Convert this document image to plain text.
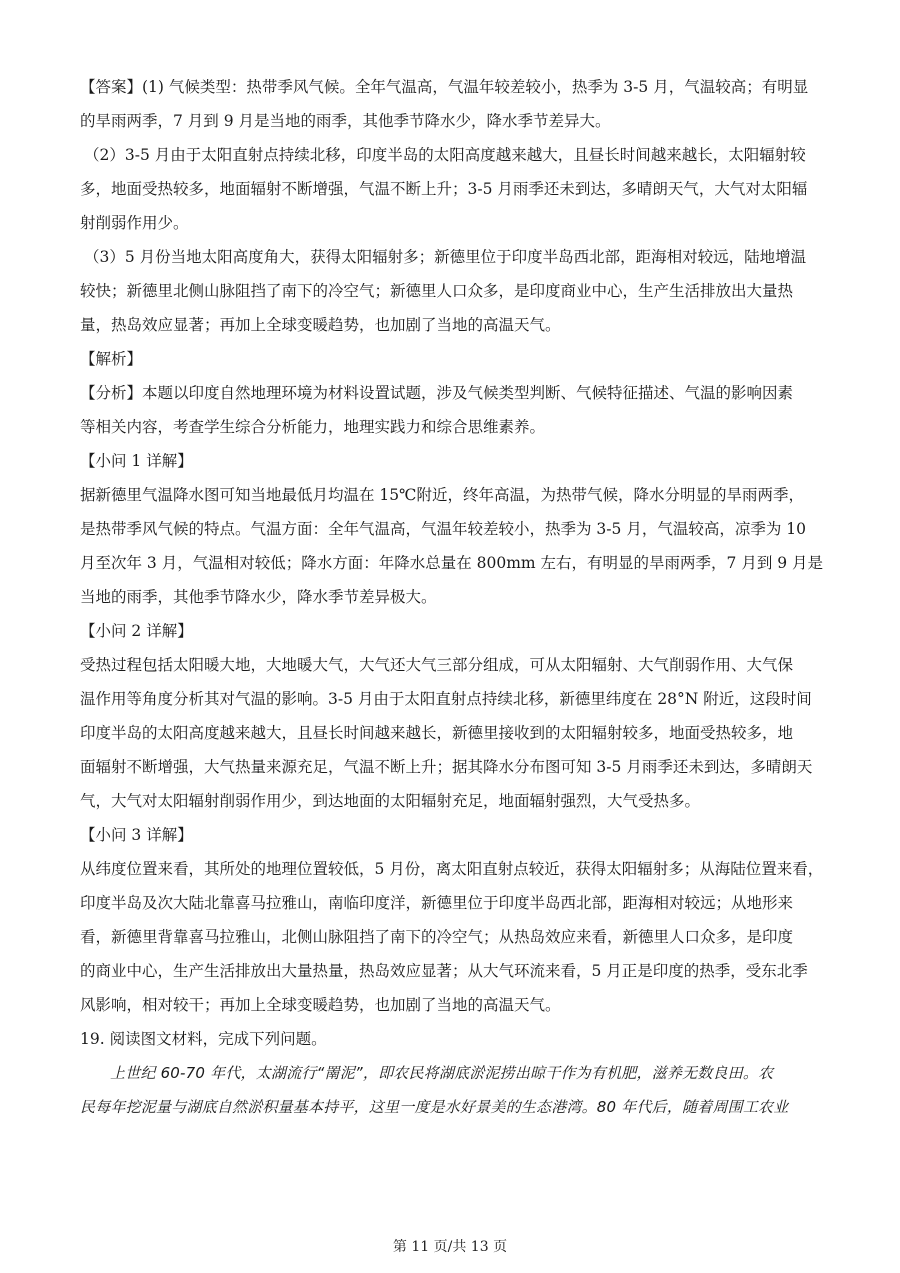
【答案】(1) 气候类型：热带季风气候。全年气温高，气温年较差较小，热季为 3-5 月，气温较高；有明显
的旱雨两季，7 月到 9 月是当地的雨季，其他季节降水少，降水季节差异大。
（2）3-5 月由于太阳直射点持续北移，印度半岛的太阳高度越来越大，且昼长时间越来越长，太阳辐射较
多，地面受热较多，地面辐射不断增强，气温不断上升；3-5 月雨季还未到达，多晴朗天气，大气对太阳辐
射削弱作用少。
（3）5 月份当地太阳高度角大，获得太阳辐射多；新德里位于印度半岛西北部，距海相对较远，陆地增温
较快；新德里北侧山脉阻挡了南下的冷空气；新德里人口众多，是印度商业中心，生产生活排放出大量热
量，热岛效应显著；再加上全球变暖趋势，也加剧了当地的高温天气。
【解析】
【分析】本题以印度自然地理环境为材料设置试题，涉及气候类型判断、气候特征描述、气温的影响因素
等相关内容，考查学生综合分析能力，地理实践力和综合思维素养。
【小问 1 详解】
据新德里气温降水图可知当地最低月均温在 15℃附近，终年高温，为热带气候，降水分明显的旱雨两季，
是热带季风气候的特点。气温方面：全年气温高，气温年较差较小，热季为 3-5 月，气温较高，凉季为 10
月至次年 3 月，气温相对较低；降水方面：年降水总量在 800mm 左右，有明显的旱雨两季，7 月到 9 月是
当地的雨季，其他季节降水少，降水季节差异极大。
【小问 2 详解】
受热过程包括太阳暖大地，大地暖大气，大气还大气三部分组成，可从太阳辐射、大气削弱作用、大气保
温作用等角度分析其对气温的影响。3-5 月由于太阳直射点持续北移，新德里纬度在 28°N 附近，这段时间
印度半岛的太阳高度越来越大，且昼长时间越来越长，新德里接收到的太阳辐射较多，地面受热较多，地
面辐射不断增强，大气热量来源充足，气温不断上升；据其降水分布图可知 3-5 月雨季还未到达，多晴朗天
气，大气对太阳辐射削弱作用少，到达地面的太阳辐射充足，地面辐射强烈，大气受热多。
【小问 3 详解】
从纬度位置来看，其所处的地理位置较低，5 月份，离太阳直射点较近，获得太阳辐射多；从海陆位置来看，
印度半岛及次大陆北靠喜马拉雅山，南临印度洋，新德里位于印度半岛西北部，距海相对较远；从地形来
看，新德里背靠喜马拉雅山，北侧山脉阻挡了南下的冷空气；从热岛效应来看，新德里人口众多，是印度
的商业中心，生产生活排放出大量热量，热岛效应显著；从大气环流来看，5 月正是印度的热季，受东北季
风影响，相对较干；再加上全球变暖趋势，也加剧了当地的高温天气。
19. 阅读图文材料，完成下列问题。
上世纪 60-70 年代，太湖流行“罱泥”，即农民将湖底淤泥捞出晾干作为有机肥，滋养无数良田。农
民每年挖泥量与湖底自然淤积量基本持平，这里一度是水好景美的生态港湾。80 年代后，随着周围工农业
第 11 页/共 13 页
